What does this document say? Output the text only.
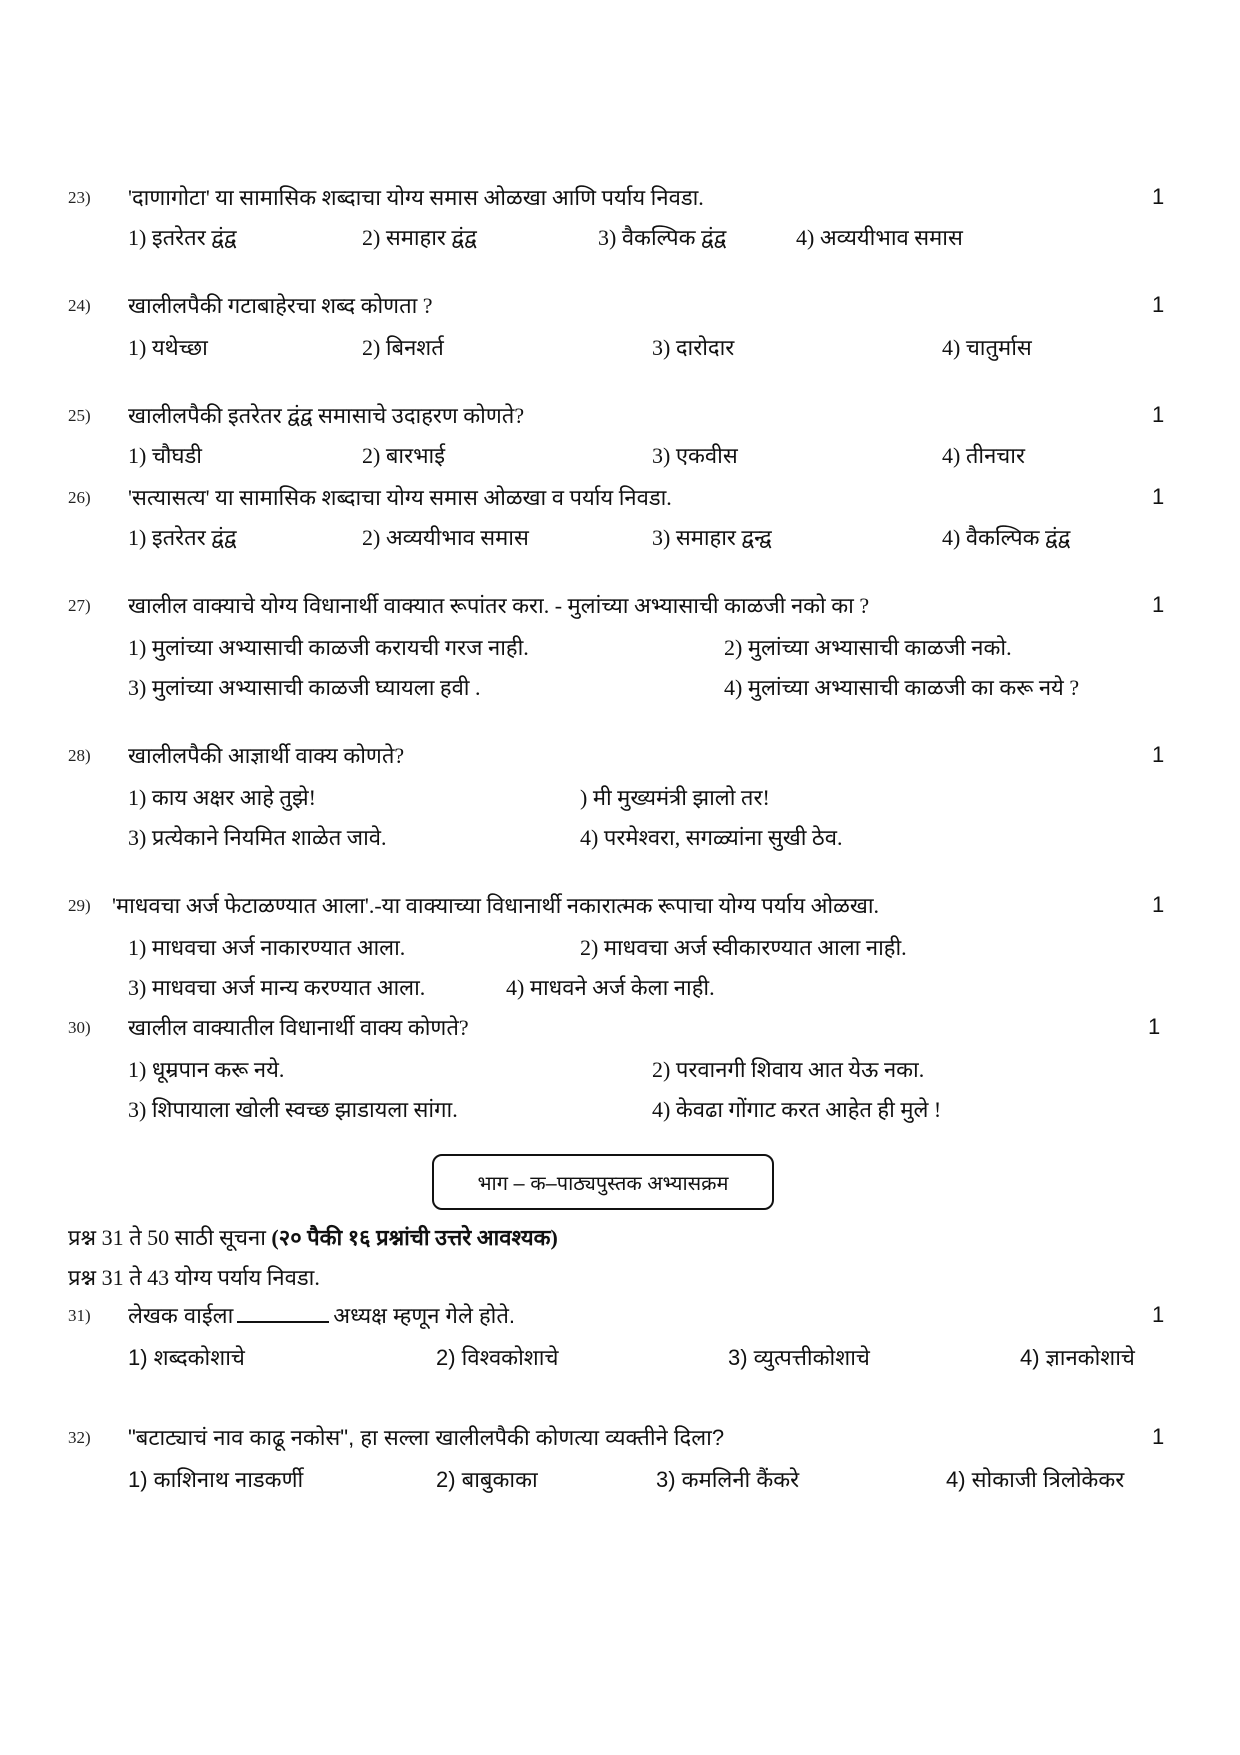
23) 'दाणागोटा' या सामासिक शब्दाचा योग्य समास ओळखा आणि पर्याय निवडा.	1
1) इतरेतर द्वंद्व	2) समाहार द्वंद्व	3) वैकल्पिक द्वंद्व	4) अव्ययीभाव समास
24) खालीलपैकी गटाबाहेरचा शब्द कोणता ?	1
1) यथेच्छा	2) बिनशर्त	3) दारोदार	4) चातुर्मास
25) खालीलपैकी इतरेतर द्वंद्व समासाचे उदाहरण कोणते?	1
1) चौघडी	2) बारभाई	3) एकवीस	4) तीनचार
26) 'सत्यासत्य' या सामासिक शब्दाचा योग्य समास ओळखा व पर्याय निवडा.	1
1) इतरेतर द्वंद्व	2) अव्ययीभाव समास	3) समाहार द्वन्द्व	4) वैकल्पिक द्वंद्व
27) खालील वाक्याचे योग्य विधानार्थी वाक्यात रूपांतर करा. - मुलांच्या अभ्यासाची काळजी नको का ?	1
1) मुलांच्या अभ्यासाची काळजी करायची गरज नाही.	2) मुलांच्या अभ्यासाची काळजी नको.
3) मुलांच्या अभ्यासाची काळजी घ्यायला हवी .	4) मुलांच्या अभ्यासाची काळजी का करू नये ?
28) खालीलपैकी आज्ञार्थी वाक्य कोणते?	1
1) काय अक्षर आहे तुझे!	) मी मुख्यमंत्री झालो तर!
3) प्रत्येकाने नियमित शाळेत जावे.	4) परमेश्वरा, सगळ्यांना सुखी ठेव.
29) 'माधवचा अर्ज फेटाळण्यात आला'.-या वाक्याच्या विधानार्थी नकारात्मक रूपाचा योग्य पर्याय ओळखा.	1
1) माधवचा अर्ज नाकारण्यात आला.	2) माधवचा अर्ज स्वीकारण्यात आला नाही.
3) माधवचा अर्ज मान्य करण्यात आला.	4) माधवने अर्ज केला नाही.
30) खालील वाक्यातील विधानार्थी वाक्य कोणते?	1
1) धूम्रपान करू नये.	2) परवानगी शिवाय आत येऊ नका.
3) शिपायाला खोली स्वच्छ झाडायला सांगा.	4) केवढा गोंगाट करत आहेत ही मुले !
भाग – क–पाठ्यपुस्तक अभ्यासक्रम
प्रश्न 31 ते 50 साठी सूचना (२० पैकी १६ प्रश्नांची उत्तरे आवश्यक)
प्रश्न 31 ते 43 योग्य पर्याय निवडा.
31) लेखक वाईला	अध्यक्ष म्हणून गेले होते.	1
1) शब्दकोशाचे	2) विश्वकोशाचे	3) व्युत्पत्तीकोशाचे	4) ज्ञानकोशाचे
32) "बटाट्याचं नाव काढू नकोस", हा सल्ला खालीलपैकी कोणत्या व्यक्तीने दिला?	1
1) काशिनाथ नाडकर्णी	2) बाबुकाका	3) कमलिनी कैंकरे	4) सोकाजी त्रिलोकेकर
